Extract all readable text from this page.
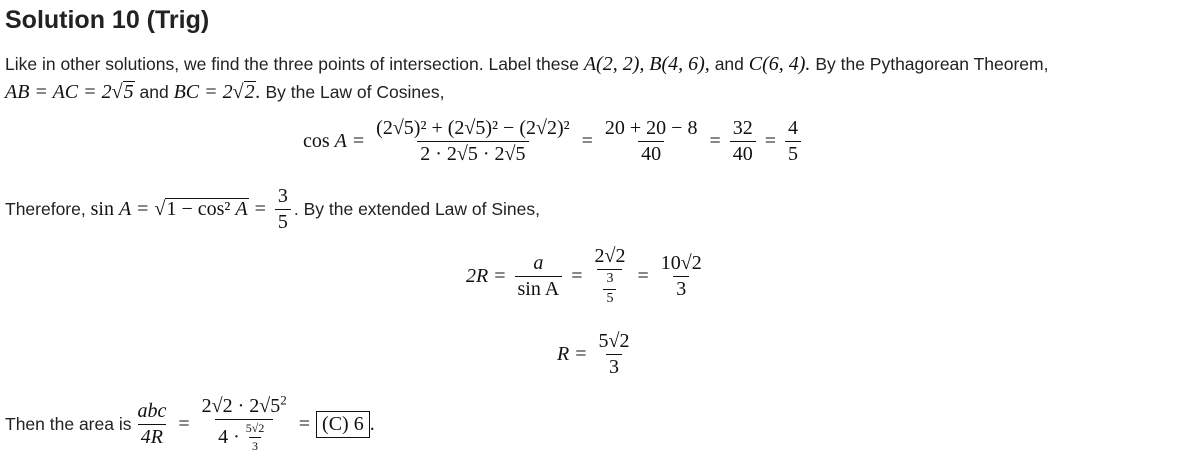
Solution 10 (Trig)
Like in other solutions, we find the three points of intersection. Label these A(2, 2), B(4, 6), and C(6, 4). By the Pythagorean Theorem,
AB = AC = 2√5 and BC = 2√2. By the Law of Cosines,
cos
$A = \frac{\text{(2√5)² + (2√5)² − (2√2)²}}{2 \cdot 2√5 \cdot 2√5} = \frac{20 + 20 - 8}{40} = \frac{32}{40} = \frac{4}{5}$
Therefore,
sin A = √1 − cos² $A = \frac{3}{5}$ . By the extended Law of Sines,
$2R = \frac{a}{\text{sin A}} = \frac{2√2}{\frac{3}{5}} = \frac{10√2}{3}$
$R = \frac{5√2}{3}$
Then the area is $\frac{\text{abc}}{4R} = \frac{2√2 \cdot 2√5^2}{4 \cdot \frac{5√2}{3}} = (C)$ 6 .
